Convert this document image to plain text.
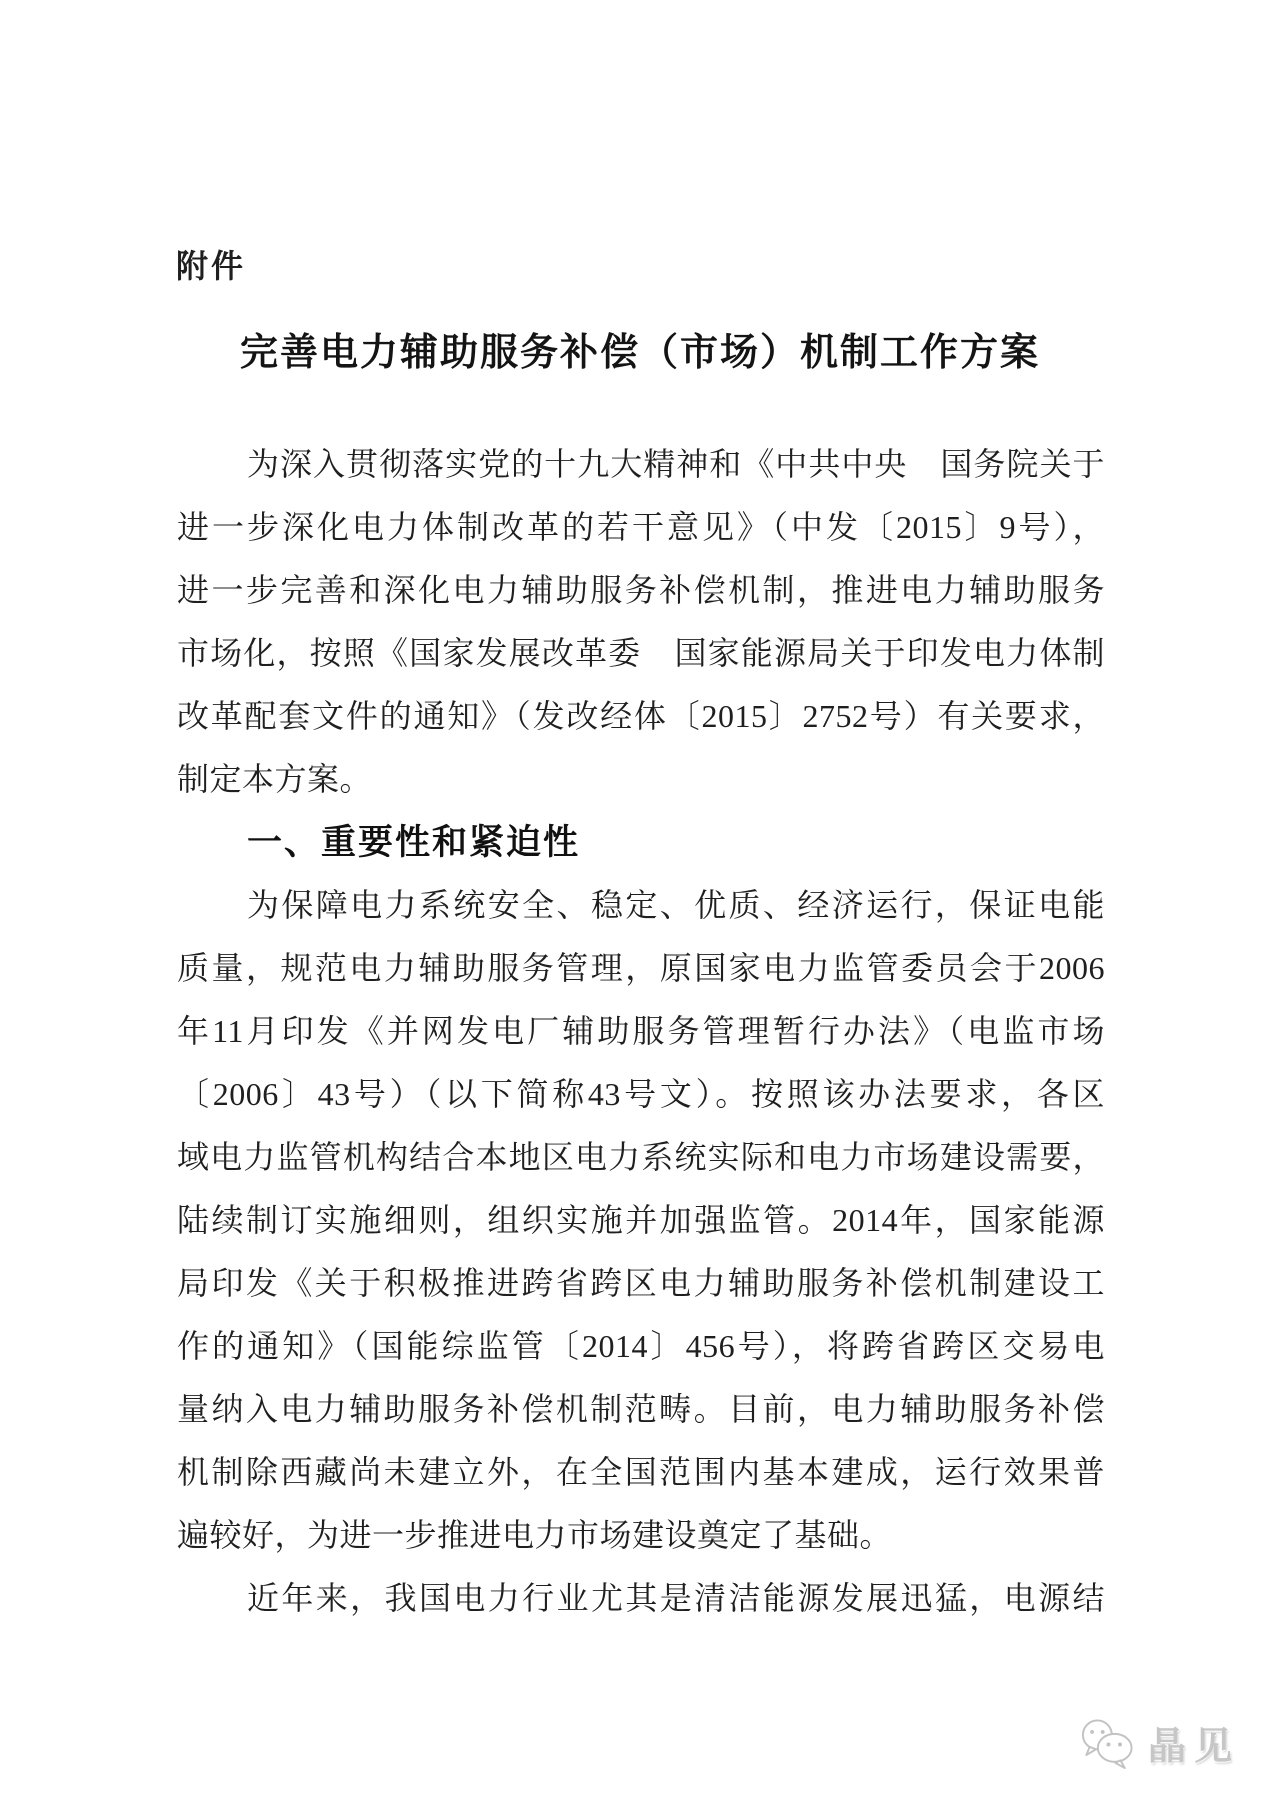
附件
完善电力辅助服务补偿（市场）机制工作方案

为深入贯彻落实党的十九大精神和《中共中央　国务院关于

进一步深化电力体制改革的若干意见》（中发〔2015〕9号），

进一步完善和深化电力辅助服务补偿机制，推进电力辅助服务

市场化，按照《国家发展改革委　国家能源局关于印发电力体制

改革配套文件的通知》（发改经体〔2015〕2752号）有关要求，

制定本方案。

一、重要性和紧迫性

为保障电力系统安全、稳定、优质、经济运行，保证电能

质量，规范电力辅助服务管理，原国家电力监管委员会于2006

年11月印发《并网发电厂辅助服务管理暂行办法》（电监市场

〔2006〕43号）（以下简称43号文）。按照该办法要求，各区

域电力监管机构结合本地区电力系统实际和电力市场建设需要，

陆续制订实施细则，组织实施并加强监管。2014年，国家能源

局印发《关于积极推进跨省跨区电力辅助服务补偿机制建设工

作的通知》（国能综监管〔2014〕456号），将跨省跨区交易电

量纳入电力辅助服务补偿机制范畴。目前，电力辅助服务补偿

机制除西藏尚未建立外，在全国范围内基本建成，运行效果普

遍较好，为进一步推进电力市场建设奠定了基础。

近年来，我国电力行业尤其是清洁能源发展迅猛，电源结

晶见
